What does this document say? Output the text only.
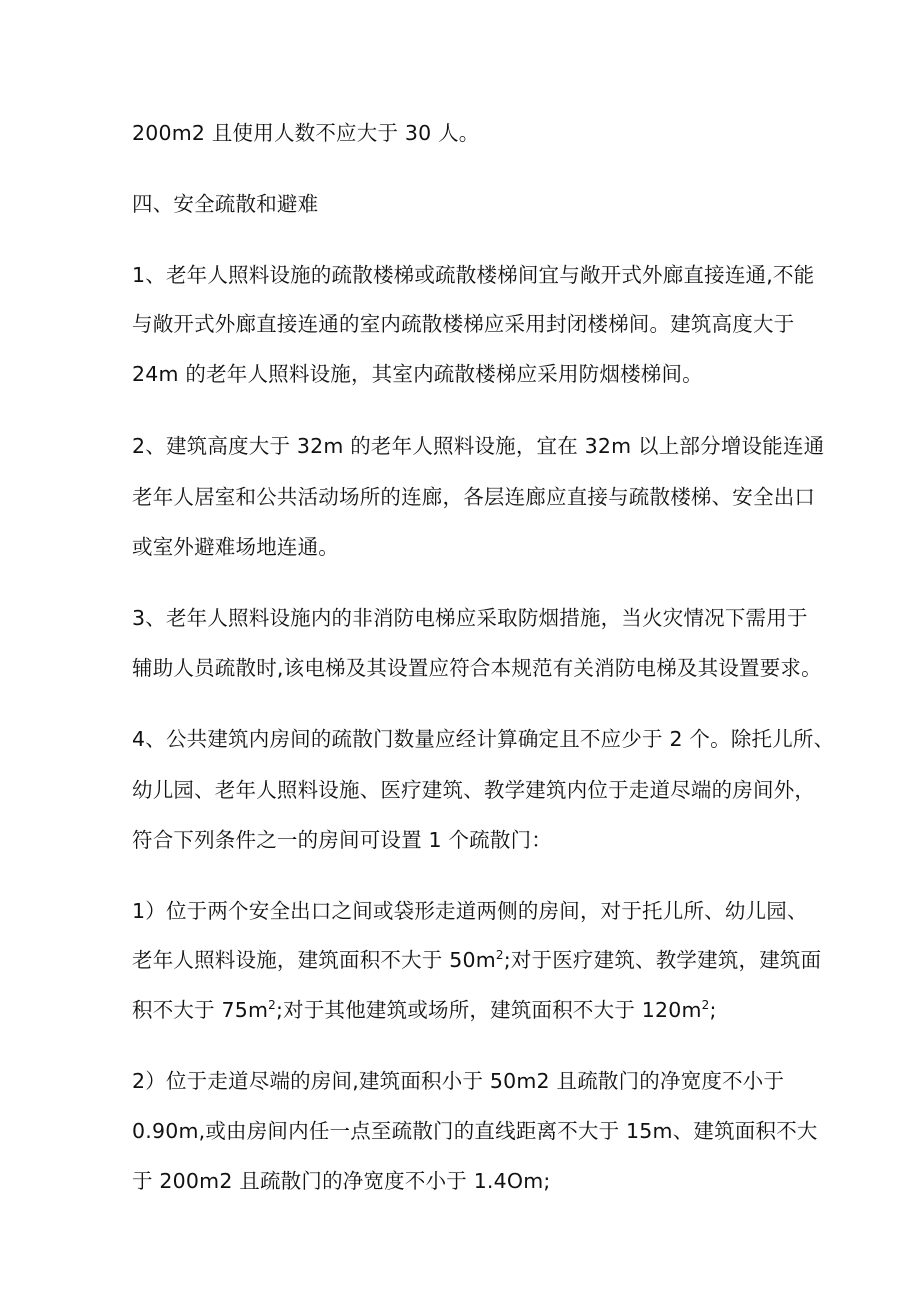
200m2 且使用人数不应大于 30 人。
四、安全疏散和避难
1、老年人照料设施的疏散楼梯或疏散楼梯间宜与敞开式外廊直接连通,不能
与敞开式外廊直接连通的室内疏散楼梯应采用封闭楼梯间。建筑高度大于
24m 的老年人照料设施，其室内疏散楼梯应采用防烟楼梯间。
2、建筑高度大于 32m 的老年人照料设施，宜在 32m 以上部分增设能连通
老年人居室和公共活动场所的连廊，各层连廊应直接与疏散楼梯、安全出口
或室外避难场地连通。
3、老年人照料设施内的非消防电梯应采取防烟措施，当火灾情况下需用于
辅助人员疏散时,该电梯及其设置应符合本规范有关消防电梯及其设置要求。
4、公共建筑内房间的疏散门数量应经计算确定且不应少于 2 个。除托儿所、
幼儿园、老年人照料设施、医疗建筑、教学建筑内位于走道尽端的房间外，
符合下列条件之一的房间可设置 1 个疏散门：
1）位于两个安全出口之间或袋形走道两侧的房间，对于托儿所、幼儿园、
老年人照料设施，建筑面积不大于 $50m^2$;对于医疗建筑、教学建筑，建筑面
积不大于 $75m^2$;对于其他建筑或场所，建筑面积不大于 $120m^2$;
2）位于走道尽端的房间,建筑面积小于 50m2 且疏散门的净宽度不小于
0.90m,或由房间内任一点至疏散门的直线距离不大于 15m、建筑面积不大
于 200m2 且疏散门的净宽度不小于 1.4Om;
